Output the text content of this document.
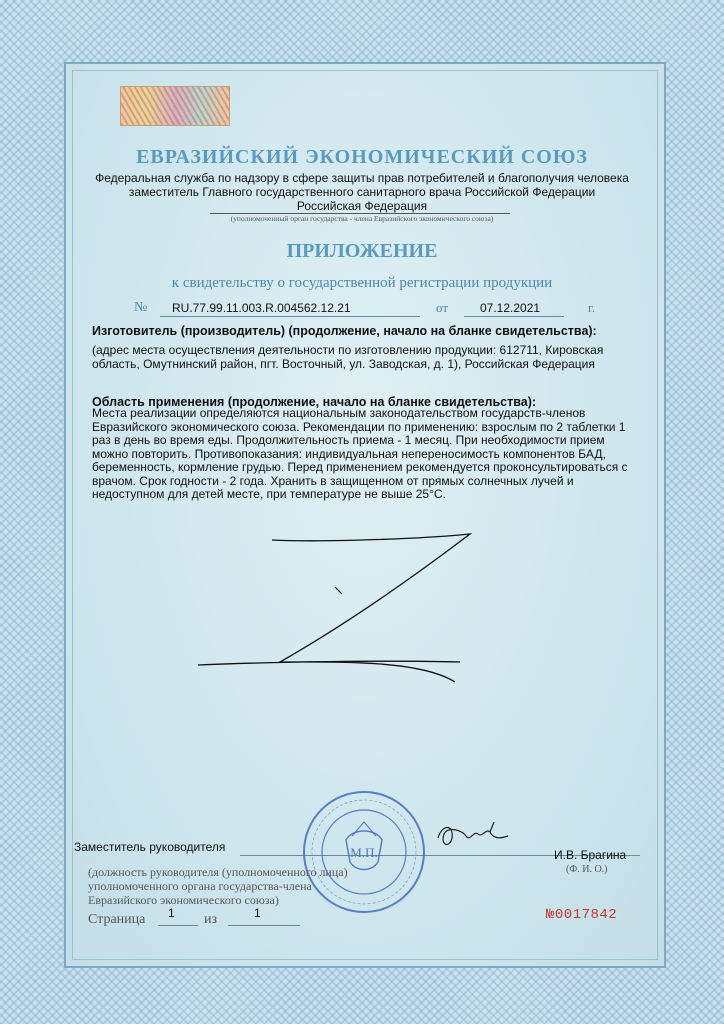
ЕВРАЗИЙСКИЙ ЭКОНОМИЧЕСКИЙ СОЮЗ
Федеральная служба по надзору в сфере защиты прав потребителей и благополучия человека
заместитель Главного государственного санитарного врача Российской Федерации
Российская Федерация
(уполномоченный орган государства - члена Евразийского экономического союза)
ПРИЛОЖЕНИЕ
к свидетельству о государственной регистрации продукции
№ RU.77.99.11.003.R.004562.12.21	от	07.12.2021	г.
Изготовитель (производитель) (продолжение, начало на бланке свидетельства):
(адрес места осуществления деятельности по изготовлению продукции: 612711, Кировская область, Омутнинский район, пгт. Восточный, ул. Заводская, д. 1), Российская Федерация
Область применения (продолжение, начало на бланке свидетельства):
Места реализации определяются национальным законодательством государств-членов Евразийского экономического союза. Рекомендации по применению: взрослым по 2 таблетки 1 раз в день во время еды. Продолжительность приема - 1 месяц. При необходимости прием можно повторить. Противопоказания: индивидуальная непереносимость компонентов БАД, беременность, кормление грудью. Перед применением рекомендуется проконсультироваться с врачом. Срок годности - 2 года. Хранить в защищенном от прямых солнечных лучей и недоступном для детей месте, при температуре не выше 25°С.
Заместитель руководителя
И.В. Брагина
(Ф. И. О.)
(должность руководителя (уполномоченного лица) уполномоченного органа государства-члена Евразийского экономического союза)
М.П.
Страница 1 из	1	№0017842
